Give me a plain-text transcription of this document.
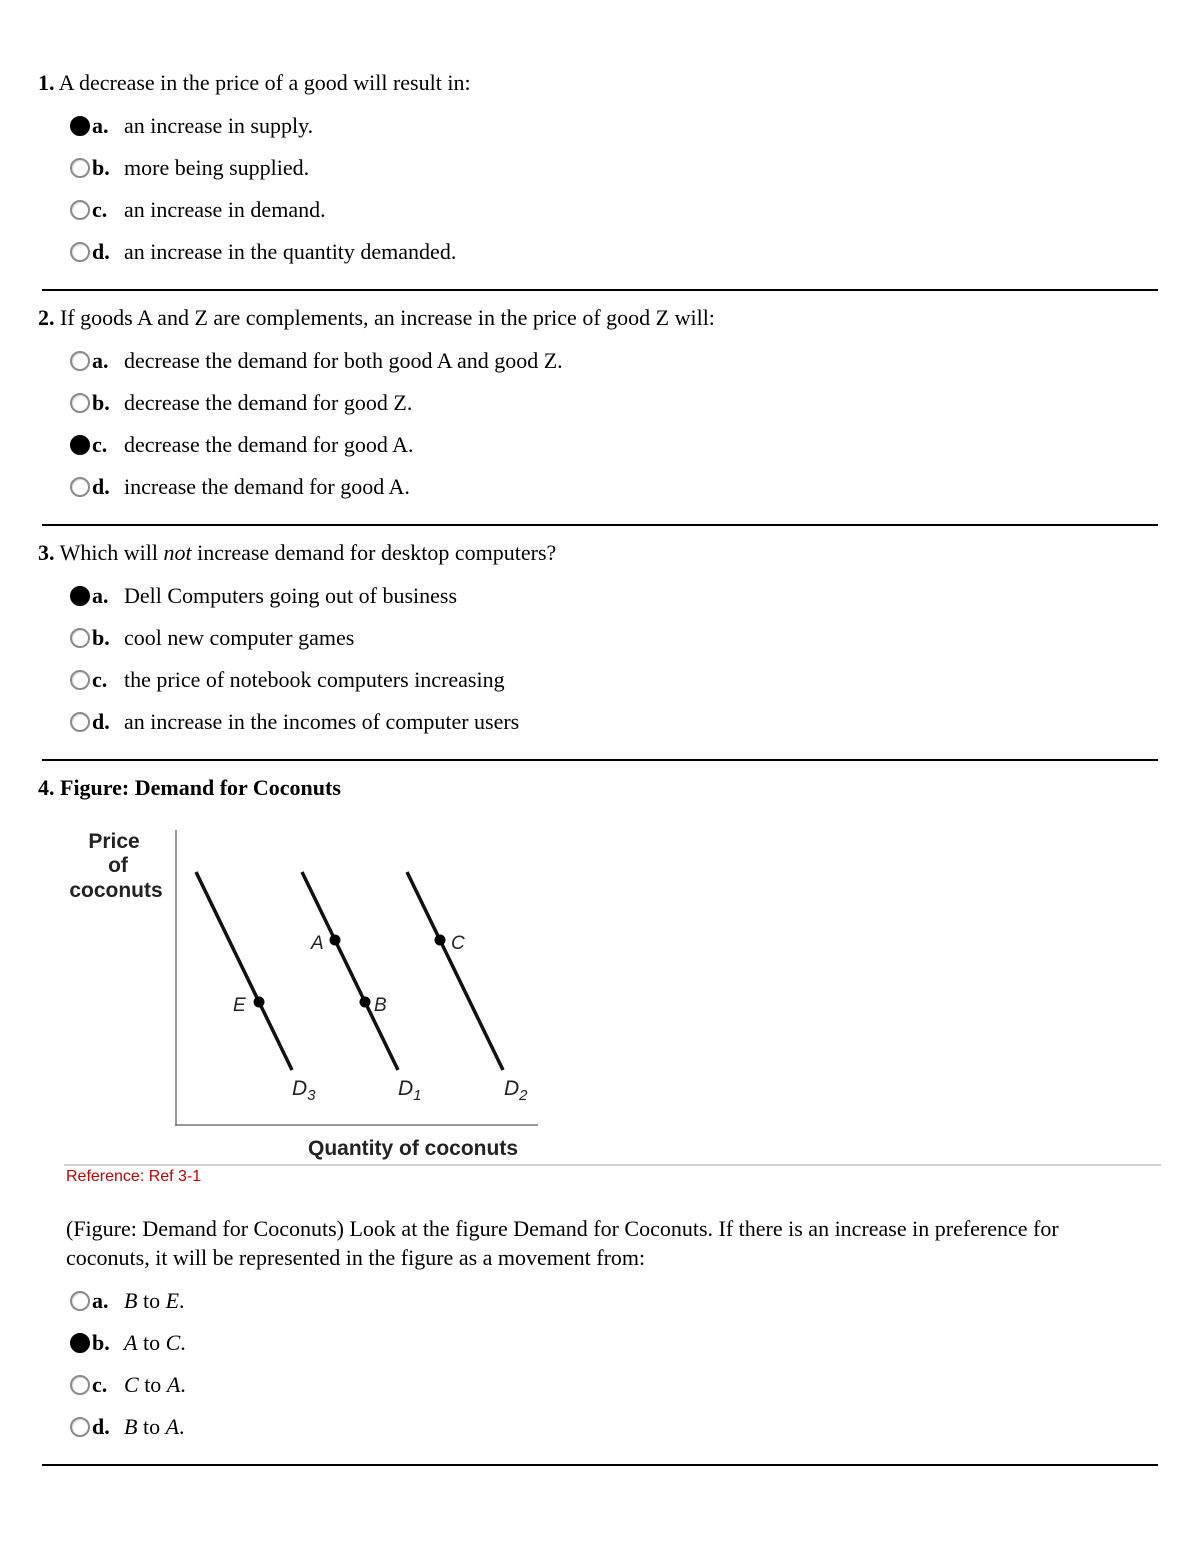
1. A decrease in the price of a good will result in:
a. an increase in supply.
b. more being supplied.
c. an increase in demand.
d. an increase in the quantity demanded.
2. If goods A and Z are complements, an increase in the price of good Z will:
a. decrease the demand for both good A and good Z.
b. decrease the demand for good Z.
c. decrease the demand for good A.
d. increase the demand for good A.
3. Which will not increase demand for desktop computers?
a. Dell Computers going out of business
b. cool new computer games
c. the price of notebook computers increasing
d. an increase in the incomes of computer users
4. Figure: Demand for Coconuts
Price
of
coconuts
E
A
B
C
$D_3$	$D_1$	$D_2$
Quantity of coconuts
Reference: Ref 3-1
(Figure: Demand for Coconuts) Look at the figure Demand for Coconuts. If there is an increase in preference for coconuts, it will be represented in the figure as a movement from:
a. B to E .
b. A to C .
c. C to A .
d. B to A .
